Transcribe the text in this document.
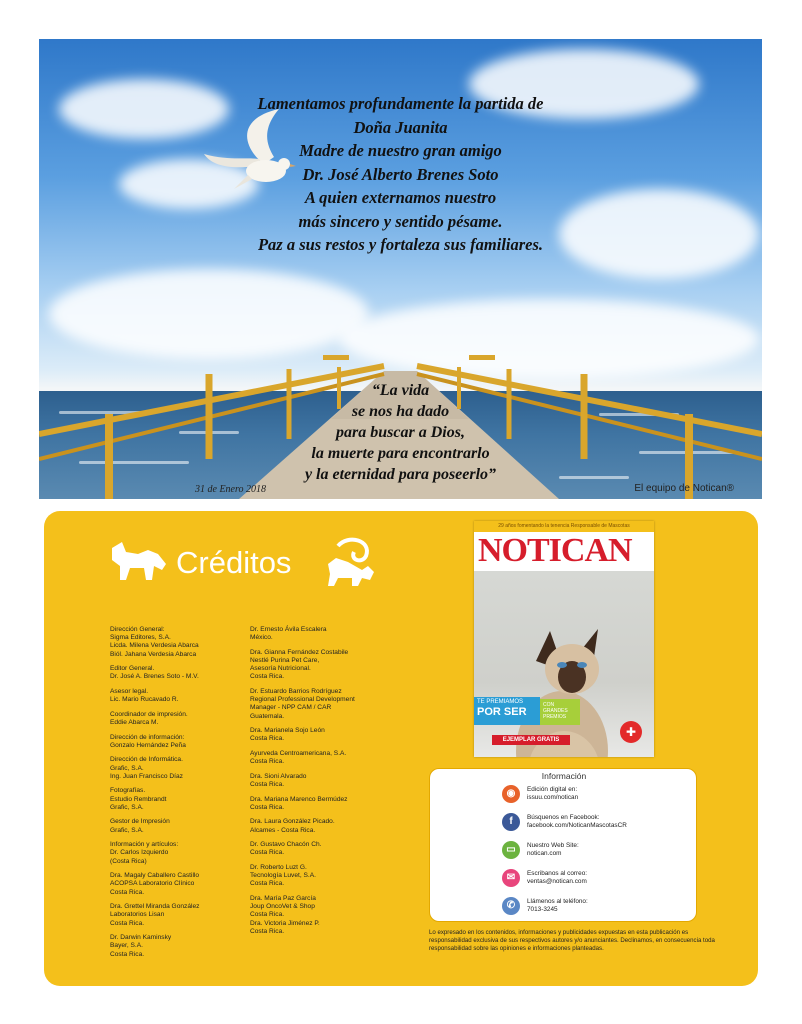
Lamentamos profundamente la partida de
Doña Juanita
Madre de nuestro gran amigo
Dr. José Alberto Brenes Soto
A quien externamos nuestro
más sincero y sentido pésame.
Paz a sus restos y fortaleza sus familiares.
“La vida
se nos ha dado
para buscar a Dios,
la muerte para encontrarlo
y la eternidad para poseerlo”
31 de Enero 2018	El equipo de Notican®
Créditos
Dirección General:
Sigma Editores, S.A.
Licda. Milena Verdesia Abarca
Biól. Jahana Verdesia Abarca
Editor General.
Dr. José A. Brenes Soto - M.V.
Asesor legal.
Lic. Mario Rucavado R.
Coordinador de impresión.
Eddie Abarca M.
Dirección de información:
Gonzalo Hernández Peña
Dirección de Informática.
Grafic, S.A.
Ing. Juan Francisco Díaz
Fotografías.
Estudio Rembrandt
Grafic, S.A.
Gestor de Impresión
Grafic, S.A.
Información y artículos:
Dr. Carlos Izquierdo
(Costa Rica)
Dra. Magaly Caballero Castillo
ACOPSA Laboratorio Clínico
Costa Rica.
Dra. Grettel Miranda González
Laboratorios Lisan
Costa Rica.
Dr. Darwin Kaminsky
Bayer, S.A.
Costa Rica.
Dr. Ernesto Ávila Escalera
México.
Dra. Gianna Fernández Costabile
Nestlé Purina Pet Care,
Asesoría Nutricional.
Costa Rica.
Dr. Estuardo Barrios Rodríguez
Regional Professional Development
Manager - NPP CAM / CAR
Guatemala.
Dra. Marianela Sojo León
Costa Rica.
Ayurveda Centroamericana, S.A.
Costa Rica.
Dra. Sioni Alvarado
Costa Rica.
Dra. Mariana Marenco Bermúdez
Costa Rica.
Dra. Laura González Picado.
Alcames - Costa Rica.
Dr. Gustavo Chacón Ch.
Costa Rica.
Dr. Roberto Luzt G.
Tecnología Luvet, S.A.
Costa Rica.
Dra. María Paz García
Joup OncoVet & Shop
Costa Rica.
Dra. Victoria Jiménez P.
Costa Rica.
29 años fomentando la tenencia Responsable de Mascotas
NOTICAN
TE PREMIAMOS
POR SER
CON GRANDES PREMIOS
EJEMPLAR GRATIS
✚
Información
◉	Edición digital en:
issuu.com/notican
f	Búsquenos en Facebook:
facebook.com/NoticanMascotasCR
▭	Nuestro Web Site:
notican.com
✉	Escribanos al correo:
ventas@notican.com
✆	Llámenos al teléfono:
7013-3245
Lo expresado en los contenidos, informaciones y publicidades expuestas en esta publicación es responsabilidad exclusiva de sus respectivos autores y/o anunciantes. Declinamos, en consecuencia toda responsabilidad sobre las opiniones e informaciones planteadas.
